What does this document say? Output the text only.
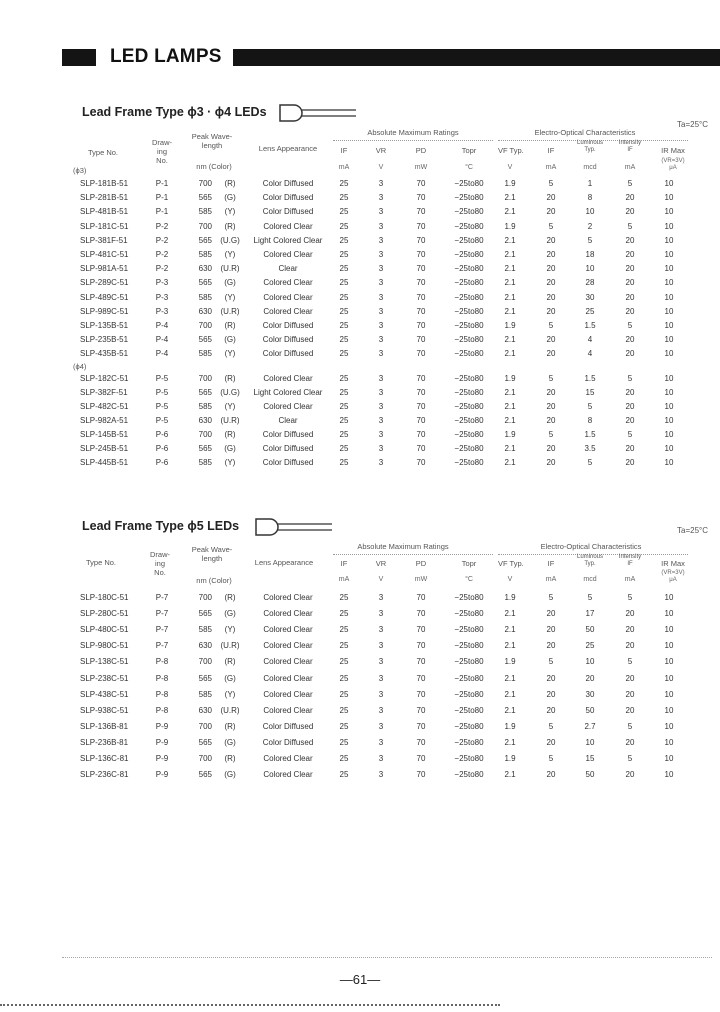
LED LAMPS
Lead Frame Type ϕ3 · ϕ4 LEDs
Ta=25°C
Type No.
Draw-
ing
No.
Peak Wave-
length
nm (Color)
Lens Appearance
Absolute Maximum Ratings	Electro-Optical Characteristics
IF	VR	PD	Topr	VF Typ.	IF
Luminous
Typ.
Intensity
IF	IR Max
mA	V	mW	°C	V	mA	mcd	mA
(VR=3V)
μA
(ϕ3)
SLP-181B-51	P-1	700	(R)	Color Diffused	25	3	70	−25to80	1.9	5	1	5	10
SLP-281B-51	P-1	565	(G)	Color Diffused	25	3	70	−25to80	2.1	20	8	20	10
SLP-481B-51	P-1	585	(Y)	Color Diffused	25	3	70	−25to80	2.1	20	10	20	10
SLP-181C-51	P-2	700	(R)	Colored Clear	25	3	70	−25to80	1.9	5	2	5	10
SLP-381F-51	P-2	565 (U.G)	Light Colored Clear	25	3	70	−25to80	2.1	20	5	20	10
SLP-481C-51	P-2	585	(Y)	Colored Clear	25	3	70	−25to80	2.1	20	18	20	10
SLP-981A-51	P-2	630	(U.R)	Clear	25	3	70	−25to80	2.1	20	10	20	10
SLP-289C-51	P-3	565	(G)	Colored Clear	25	3	70	−25to80	2.1	20	28	20	10
SLP-489C-51	P-3	585	(Y)	Colored Clear	25	3	70	−25to80	2.1	20	30	20	10
SLP-989C-51	P-3	630	(U.R)	Colored Clear	25	3	70	−25to80	2.1	20	25	20	10
SLP-135B-51	P-4	700	(R)	Color Diffused	25	3	70	−25to80	1.9	5	1.5	5	10
SLP-235B-51	P-4	565	(G)	Color Diffused	25	3	70	−25to80	2.1	20	4	20	10
SLP-435B-51	P-4	585	(Y)	Color Diffused	25	3	70	−25to80	2.1	20	4	20	10
(ϕ4)
SLP-182C-51	P-5	700	(R)	Colored Clear	25	3	70	−25to80	1.9	5	1.5	5	10
SLP-382F-51	P-5	565 (U.G)	Light Colored Clear	25	3	70	−25to80	2.1	20	15	20	10
SLP-482C-51	P-5	585	(Y)	Colored Clear	25	3	70	−25to80	2.1	20	5	20	10
SLP-982A-51	P-5	630	(U.R)	Clear	25	3	70	−25to80	2.1	20	8	20	10
SLP-145B-51	P-6	700	(R)	Color Diffused	25	3	70	−25to80	1.9	5	1.5	5	10
SLP-245B-51	P-6	565	(G)	Color Diffused	25	3	70	−25to80	2.1	20	3.5	20	10
SLP-445B-51	P-6	585	(Y)	Color Diffused	25	3	70	−25to80	2.1	20	5	20	10
Lead Frame Type ϕ5 LEDs	Ta=25°C
Type No.
Draw-
ing
No.
Peak Wave-
length
nm (Color)
Lens Appearance
Absolute Maximum Ratings	Electro-Optical Characteristics
IF	VR	PD	Topr	VF Typ.	IF
Luminous
Typ.
Intensity
IF	IR Max
mA	V	mW	°C	V	mA	mcd	mA
(VR=3V)
μA
SLP-180C-51	P-7	700	(R)	Colored Clear	25	3	70	−25to80	1.9	5	5	5	10
SLP-280C-51	P-7	565	(G)	Colored Clear	25	3	70	−25to80	2.1	20	17	20	10
SLP-480C-51	P-7	585	(Y)	Colored Clear	25	3	70	−25to80	2.1	20	50	20	10
SLP-980C-51	P-7	630	(U.R)	Colored Clear	25	3	70	−25to80	2.1	20	25	20	10
SLP-138C-51	P-8	700	(R)	Colored Clear	25	3	70	−25to80	1.9	5	10	5	10
SLP-238C-51	P-8	565	(G)	Colored Clear	25	3	70	−25to80	2.1	20	20	20	10
SLP-438C-51	P-8	585	(Y)	Colored Clear	25	3	70	−25to80	2.1	20	30	20	10
SLP-938C-51	P-8	630	(U.R)	Colored Clear	25	3	70	−25to80	2.1	20	50	20	10
SLP-136B-81	P-9	700	(R)	Color Diffused	25	3	70	−25to80	1.9	5	2.7	5	10
SLP-236B-81	P-9	565	(G)	Color Diffused	25	3	70	−25to80	2.1	20	10	20	10
SLP-136C-81	P-9	700	(R)	Colored Clear	25	3	70	−25to80	1.9	5	15	5	10
SLP-236C-81	P-9	565	(G)	Colored Clear	25	3	70	−25to80	2.1	20	50	20	10
—61—
